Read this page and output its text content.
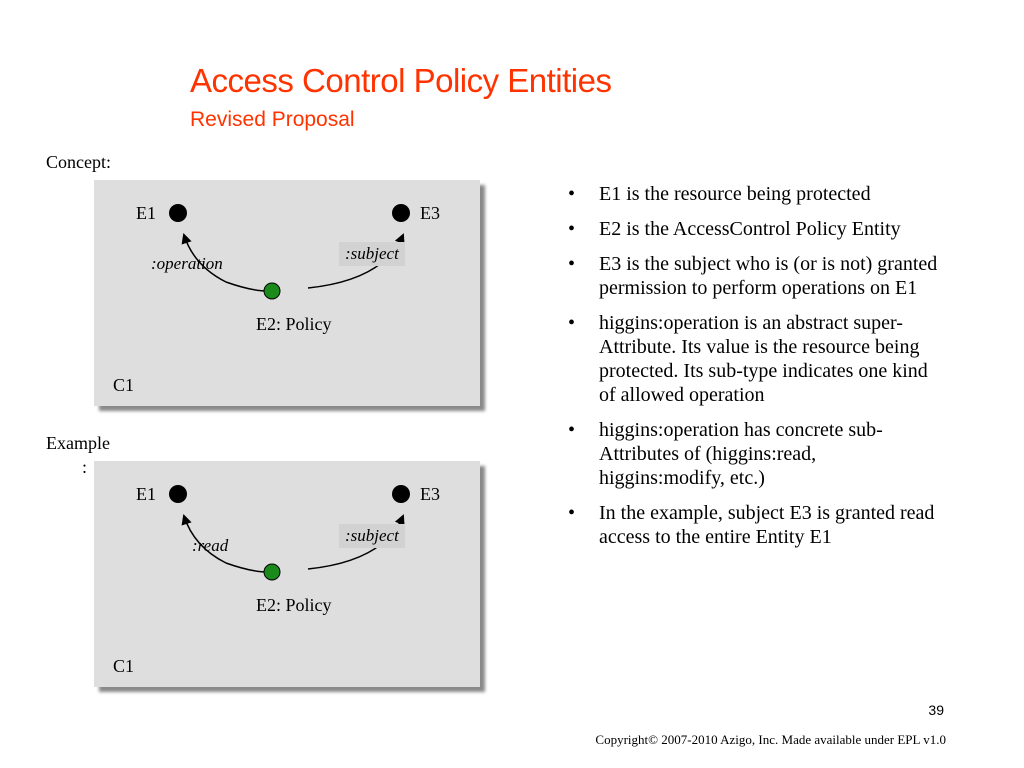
Access Control Policy Entities
Revised Proposal
Concept:
E1	E3
:operation
:subject
E2: Policy
C1
Example
:
E1	E3
:read
:subject
E2: Policy
C1
• E1 is the resource being protected
• E2 is the AccessControl Policy Entity
• E3 is the subject who is (or is not) granted permission to perform operations on E1
• higgins:operation is an abstract super-Attribute. Its value is the resource being protected. Its sub-type indicates one kind of allowed operation
• higgins:operation has concrete sub-Attributes of (higgins:read, higgins:modify, etc.)
• In the example, subject E3 is granted read access to the entire Entity E1
39
Copyright© 2007-2010 Azigo, Inc. Made available under EPL v1.0
